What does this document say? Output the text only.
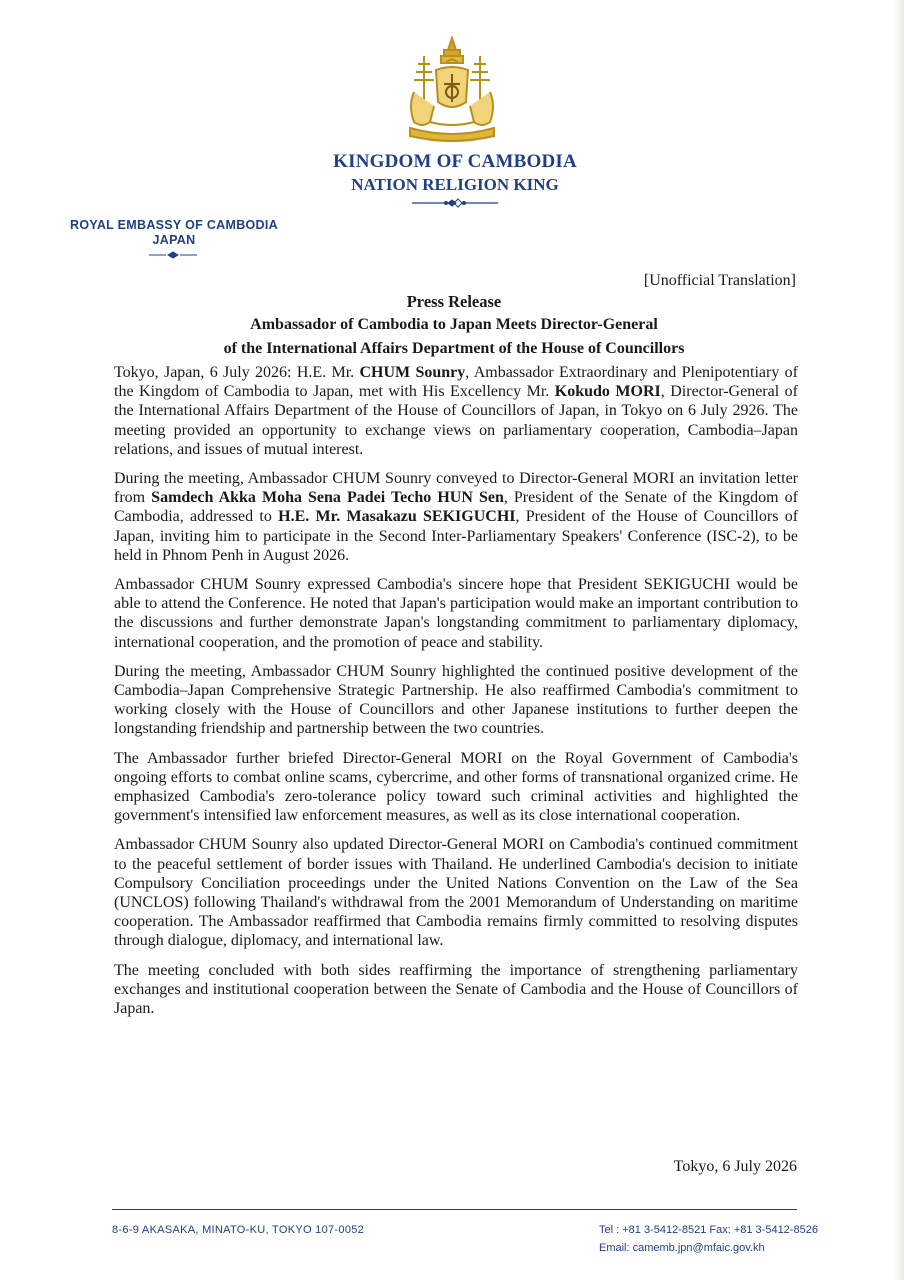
KINGDOM OF CAMBODIA
NATION RELIGION KING
ROYAL EMBASSY OF CAMBODIA
JAPAN
[Unofficial Translation]
Press Release
Ambassador of Cambodia to Japan Meets Director-General
of the International Affairs Department of the House of Councillors

Tokyo, Japan, 6 July 2026: H.E. Mr. CHUM Sounry, Ambassador Extraordinary and Plenipotentiary of the Kingdom of Cambodia to Japan, met with His Excellency Mr. Kokudo MORI, Director-General of the International Affairs Department of the House of Councillors of Japan, in Tokyo on 6 July 2926. The meeting provided an opportunity to exchange views on parliamentary cooperation, Cambodia–Japan relations, and issues of mutual interest.

During the meeting, Ambassador CHUM Sounry conveyed to Director-General MORI an invitation letter from Samdech Akka Moha Sena Padei Techo HUN Sen, President of the Senate of the Kingdom of Cambodia, addressed to H.E. Mr. Masakazu SEKIGUCHI, President of the House of Councillors of Japan, inviting him to participate in the Second Inter-Parliamentary Speakers' Conference (ISC-2), to be held in Phnom Penh in August 2026.

Ambassador CHUM Sounry expressed Cambodia's sincere hope that President SEKIGUCHI would be able to attend the Conference. He noted that Japan's participation would make an important contribution to the discussions and further demonstrate Japan's longstanding commitment to parliamentary diplomacy, international cooperation, and the promotion of peace and stability.

During the meeting, Ambassador CHUM Sounry highlighted the continued positive development of the Cambodia–Japan Comprehensive Strategic Partnership. He also reaffirmed Cambodia's commitment to working closely with the House of Councillors and other Japanese institutions to further deepen the longstanding friendship and partnership between the two countries.

The Ambassador further briefed Director-General MORI on the Royal Government of Cambodia's ongoing efforts to combat online scams, cybercrime, and other forms of transnational organized crime. He emphasized Cambodia's zero-tolerance policy toward such criminal activities and highlighted the government's intensified law enforcement measures, as well as its close international cooperation.

Ambassador CHUM Sounry also updated Director-General MORI on Cambodia's continued commitment to the peaceful settlement of border issues with Thailand. He underlined Cambodia's decision to initiate Compulsory Conciliation proceedings under the United Nations Convention on the Law of the Sea (UNCLOS) following Thailand's withdrawal from the 2001 Memorandum of Understanding on maritime cooperation. The Ambassador reaffirmed that Cambodia remains firmly committed to resolving disputes through dialogue, diplomacy, and international law.

The meeting concluded with both sides reaffirming the importance of strengthening parliamentary exchanges and institutional cooperation between the Senate of Cambodia and the House of Councillors of Japan.

Tokyo, 6 July 2026
8-6-9 AKASAKA, MINATO-KU, TOKYO 107-0052	Tel : +81 3-5412-8521 Fax: +81 3-5412-8526
Email: camemb.jpn@mfaic.gov.kh
